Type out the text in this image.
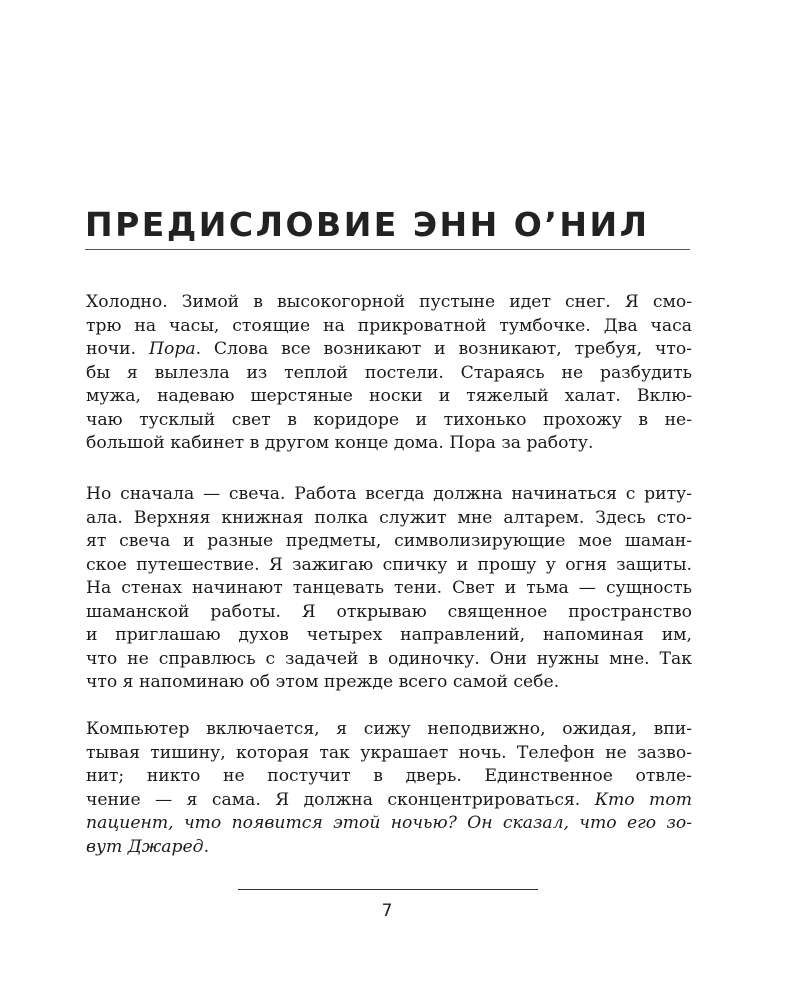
ПРЕДИСЛОВИЕ ЭНН О’НИЛ
Холодно. Зимой в высокогорной пустыне идет снег. Я смо-
трю на часы, стоящие на прикроватной тумбочке. Два часа
ночи. Пора. Слова все возникают и возникают, требуя, что-
бы я вылезла из теплой постели. Стараясь не разбудить
мужа, надеваю шерстяные носки и тяжелый халат. Вклю-
чаю тусклый свет в коридоре и тихонько прохожу в не-
большой кабинет в другом конце дома. Пора за работу.
Но сначала — свеча. Работа всегда должна начинаться с риту-
ала. Верхняя книжная полка служит мне алтарем. Здесь сто-
ят свеча и разные предметы, символизирующие мое шаман-
ское путешествие. Я зажигаю спичку и прошу у огня защиты.
На стенах начинают танцевать тени. Свет и тьма — сущность
шаманской работы. Я открываю священное пространство
и приглашаю духов четырех направлений, напоминая им,
что не справлюсь с задачей в одиночку. Они нужны мне. Так
что я напоминаю об этом прежде всего самой себе.
Компьютер включается, я сижу неподвижно, ожидая, впи-
тывая тишину, которая так украшает ночь. Телефон не зaзво-
нит; никто не постучит в дверь. Единственное отвле-
чение — я сама. Я должна сконцентрироваться. Кто тот
пациент, что появится этой ночью? Он сказал, что его зо-
вут Джаред.
7
